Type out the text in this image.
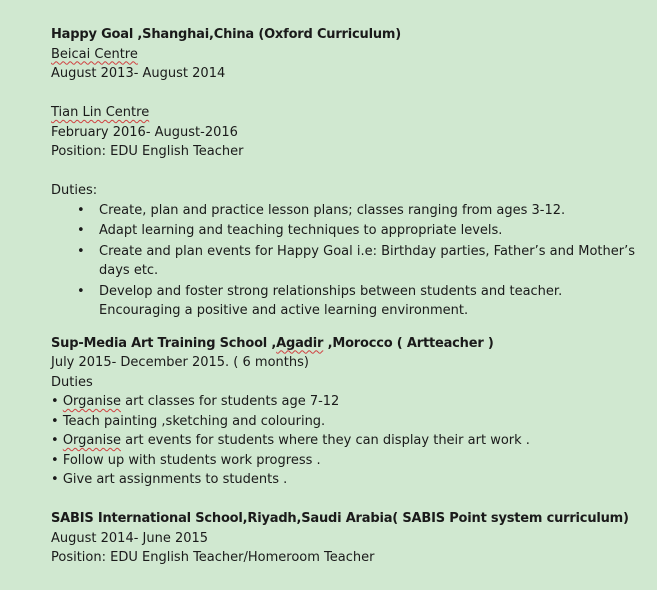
Happy Goal ,Shanghai,China (Oxford Curriculum)
Beicai Centre
August 2013- August 2014
Tian Lin Centre
February 2016- August-2016
Position: EDU English Teacher
Duties:
• Create, plan and practice lesson plans; classes ranging from ages 3-12.
• Adapt learning and teaching techniques to appropriate levels.
• Create and plan events for Happy Goal i.e: Birthday parties, Father’s and Mother’s days etc.
• Develop and foster strong relationships between students and teacher. Encouraging a positive and active learning environment.
Sup-Media Art Training School ,Agadir ,Morocco ( Artteacher )
July 2015- December 2015. ( 6 months)
Duties
• Organise art classes for students age 7-12
• Teach painting ,sketching and colouring.
• Organise art events for students where they can display their art work .
• Follow up with students work progress .
• Give art assignments to students .
SABIS International School,Riyadh,Saudi Arabia( SABIS Point system curriculum)
August 2014- June 2015
Position: EDU English Teacher/Homeroom Teacher
